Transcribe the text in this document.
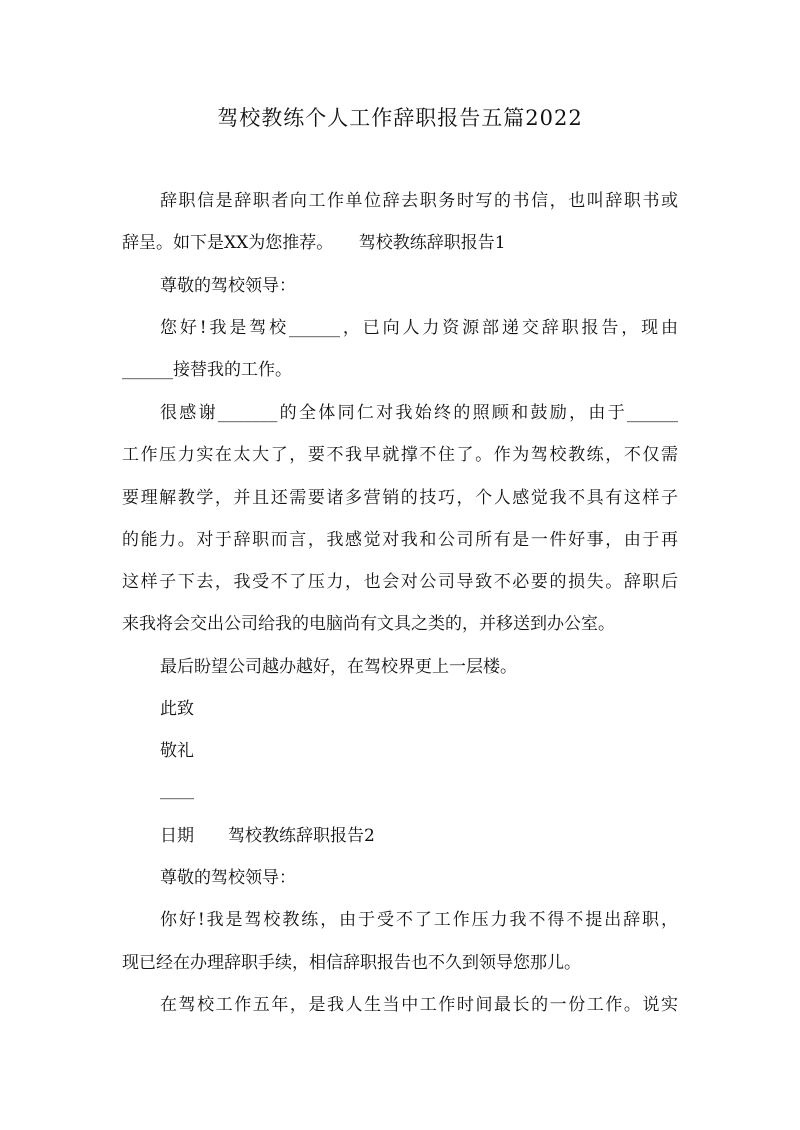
驾校教练个人工作辞职报告五篇2022
辞职信是辞职者向工作单位辞去职务时写的书信，也叫辞职书或
辞呈。如下是XX为您推荐。　　驾校教练辞职报告1
尊敬的驾校领导：
您好!我是驾校______，已向人力资源部递交辞职报告，现由
______接替我的工作。
很感谢_______的全体同仁对我始终的照顾和鼓励，由于______
工作压力实在太大了，要不我早就撑不住了。作为驾校教练，不仅需
要理解教学，并且还需要诸多营销的技巧，个人感觉我不具有这样子
的能力。对于辞职而言，我感觉对我和公司所有是一件好事，由于再
这样子下去，我受不了压力，也会对公司导致不必要的损失。辞职后
来我将会交出公司给我的电脑尚有文具之类的，并移送到办公室。
最后盼望公司越办越好，在驾校界更上一层楼。
此致
敬礼
____
日期　　驾校教练辞职报告2
尊敬的驾校领导：
你好!我是驾校教练，由于受不了工作压力我不得不提出辞职，
现已经在办理辞职手续，相信辞职报告也不久到领导您那儿。
在驾校工作五年，是我人生当中工作时间最长的一份工作。说实
